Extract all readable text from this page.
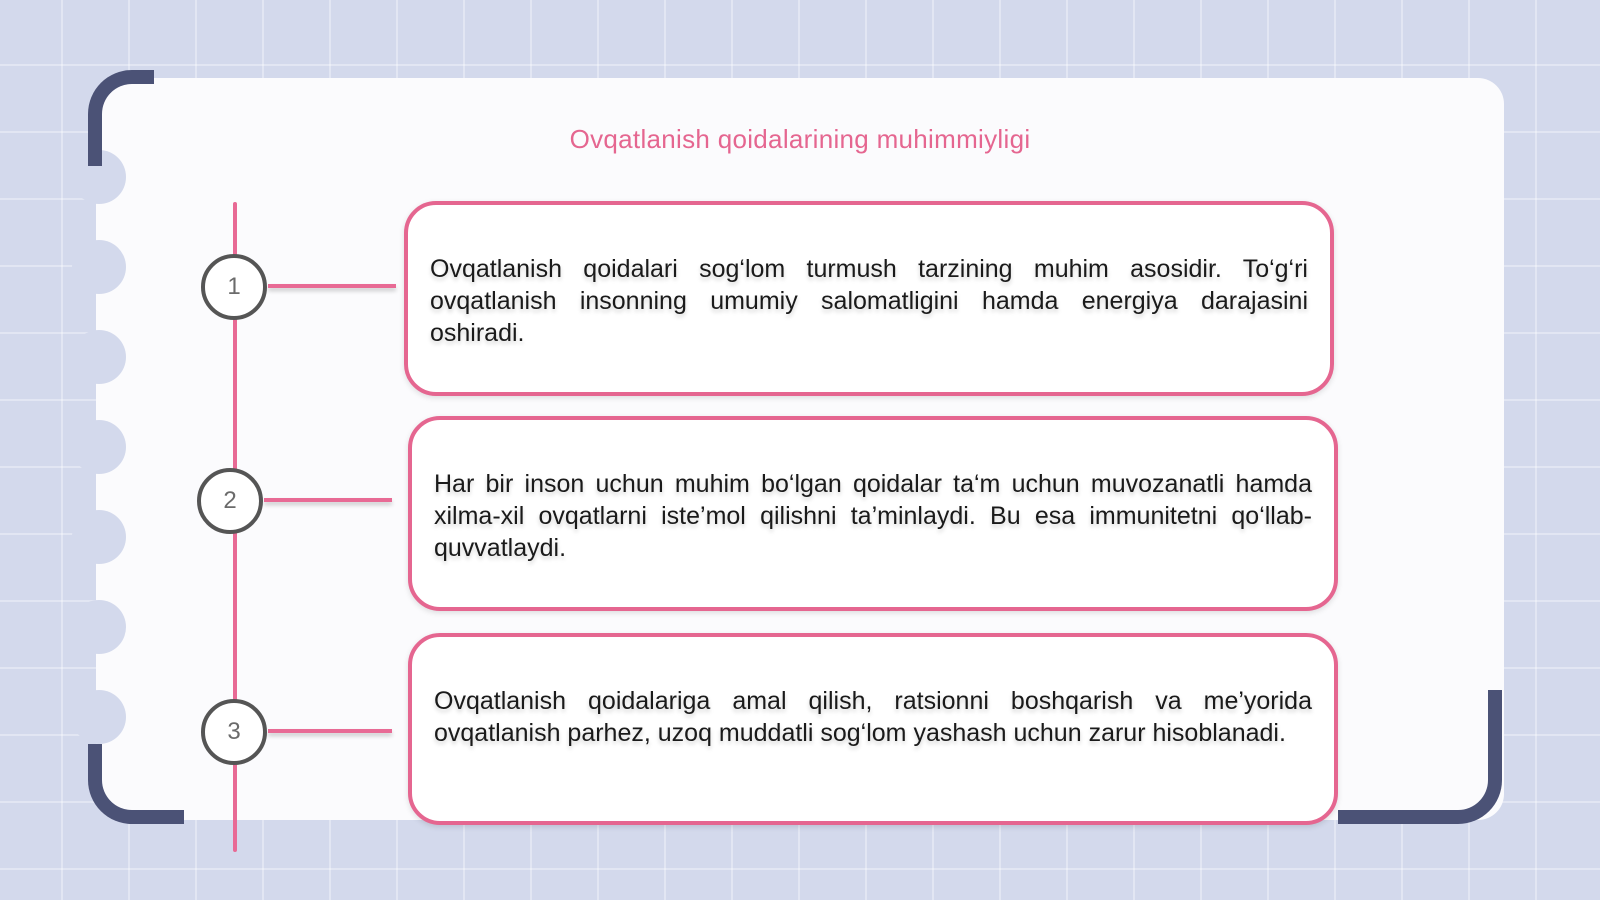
Ovqatlanish qoidalarining muhimmiyligi
1
Ovqatlanish qoidalari sog‘lom turmush tarzining muhim asosidir. To‘g‘ri ovqatlanish insonning umumiy salomatligini hamda energiya darajasini oshiradi.
2
Har bir inson uchun muhim bo‘lgan qoidalar ta‘m uchun muvozanatli hamda xilma-xil ovqatlarni iste’mol qilishni ta’minlaydi. Bu esa immunitetni qo‘llab-quvvatlaydi.
3
Ovqatlanish qoidalariga amal qilish, ratsionni boshqarish va me’yorida ovqatlanish parhez, uzoq muddatli sog‘lom yashash uchun zarur hisoblanadi.
